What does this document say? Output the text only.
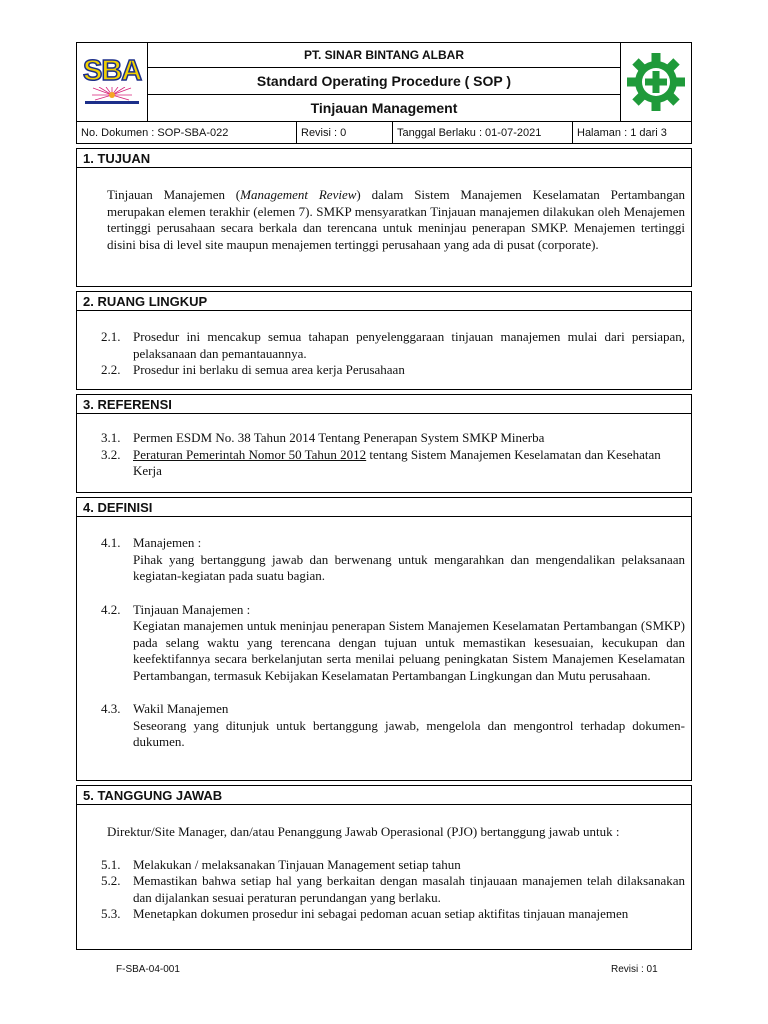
SBA	PT. SINAR BINTANG ALBAR
Standard Operating Procedure ( SOP )
Tinjauan Management
No. Dokumen : SOP-SBA-022	Revisi : 0	Tanggal Berlaku : 01-07-2021	Halaman : 1 dari 3
1. TUJUAN
Tinjauan Manajemen (Management Review) dalam Sistem Manajemen Keselamatan Pertambangan merupakan elemen terakhir (elemen 7). SMKP mensyaratkan Tinjauan manajemen dilakukan oleh Menajemen tertinggi perusahaan secara berkala dan terencana untuk meninjau penerapan SMKP. Menajemen tertinggi disini bisa di level site maupun menajemen tertinggi perusahaan yang ada di pusat (corporate).
2. RUANG LINGKUP
2.1. Prosedur ini mencakup semua tahapan penyelenggaraan tinjauan manajemen mulai dari persiapan, pelaksanaan dan pemantauannya.
2.2. Prosedur ini berlaku di semua area kerja Perusahaan
3. REFERENSI
3.1. Permen ESDM No. 38 Tahun 2014 Tentang Penerapan System SMKP Minerba
3.2. Peraturan Pemerintah Nomor 50 Tahun 2012 tentang Sistem Manajemen Keselamatan dan Kesehatan Kerja
4. DEFINISI
4.1. Manajemen :
Pihak yang bertanggung jawab dan berwenang untuk mengarahkan dan mengendalikan pelaksanaan kegiatan-kegiatan pada suatu bagian.
4.2. Tinjauan Manajemen :
Kegiatan manajemen untuk meninjau penerapan Sistem Manajemen Keselamatan Pertambangan (SMKP) pada selang waktu yang terencana dengan tujuan untuk memastikan kesesuaian, kecukupan dan keefektifannya secara berkelanjutan serta menilai peluang peningkatan Sistem Manajemen Keselamatan Pertambangan, termasuk Kebijakan Keselamatan Pertambangan Lingkungan dan Mutu perusahaan.
4.3. Wakil Manajemen
Seseorang yang ditunjuk untuk bertanggung jawab, mengelola dan mengontrol terhadap dokumen-dukumen.
5. TANGGUNG JAWAB
Direktur/Site Manager, dan/atau Penanggung Jawab Operasional (PJO) bertanggung jawab untuk :
5.1. Melakukan / melaksanakan Tinjauan Management setiap tahun
5.2. Memastikan bahwa setiap hal yang berkaitan dengan masalah tinjauaan manajemen telah dilaksanakan dan dijalankan sesuai peraturan perundangan yang berlaku.
5.3. Menetapkan dokumen prosedur ini sebagai pedoman acuan setiap aktifitas tinjauan manajemen
F-SBA-04-001	Revisi : 01
